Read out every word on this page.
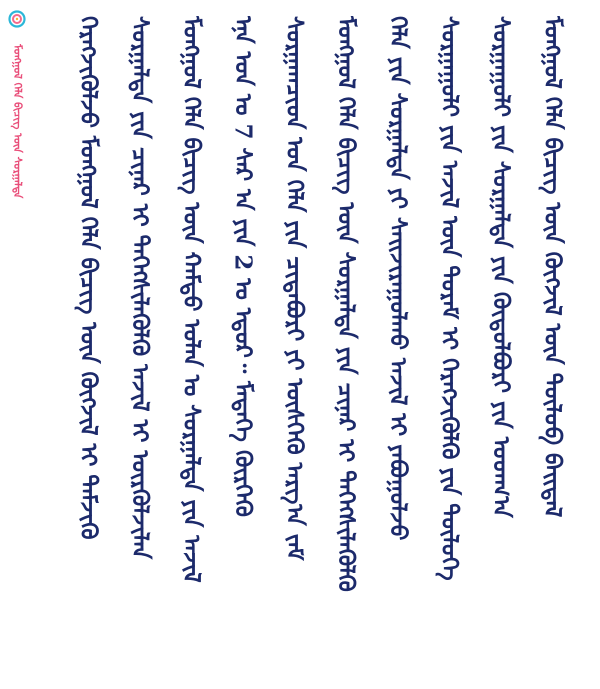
ᠮᠣᠩᠭᠣᠯ ᠬᠡᠯᠡ ᠪᠢᠴᠢᠭ ᠦᠨ ᠰᠤᠷᠭᠠᠯᠲᠠ ᠬᠡᠷᠡᠭᠵᠢᠭᠦᠯᠵᠦ ᠮᠣᠩᠭᠣᠯ ᠬᠡᠯᠡ ᠪᠢᠴᠢᠭ ᠦᠨ ᠬᠥᠭᠵᠢᠯ ᠢ ᠳᠡᠮᠵᠢᠬᠦ ᠰᠤᠷᠭᠠᠯᠲᠠ ᠶᠢᠨ ᠴᠢᠨᠠᠷ ᠢ ᠳᠡᠭᠡᠭᠰᠢᠯᠡᠭᠦᠯᠬᠦ ᠠᠵᠢᠯ ᠢ ᠦᠷᠭᠦᠯᠵᠢᠯᠡᠨ ᠮᠣᠩᠭᠣᠯ ᠬᠡᠯᠡ ᠪᠢᠴᠢᠭ ᠦᠨ ᠬᠠᠮᠲᠤ ᠣᠯᠠᠨ ᠤ ᠰᠤᠷᠭᠠᠯᠲᠠ ᠶᠢᠨ ᠠᠵᠢᠯ ᠡᠨᠡ ᠣᠨ ᠤ 7 ᠰᠠᠷ ᠠ ᠶᠢᠨ 2 ᠤ ᠡᠳᠦᠷ᠃ ᠮᠡᠳᠡᠭᠡ ᠬᠦᠷᠭᠡᠬᠦ ᠰᠤᠷᠭᠠᠭᠴᠢᠳ ᠤᠨ ᠬᠡᠯᠡ ᠶᠢᠨ ᠴᠢᠳᠠᠪᠤᠷᠢ ᠶᠢ ᠥᠰᠬᠡᠬᠦ ᠠᠷᠭ᠎ᠠ ᠵᠠᠮ ᠮᠣᠩᠭᠣᠯ ᠬᠡᠯᠡ ᠪᠢᠴᠢᠭ ᠦᠨ ᠰᠤᠷᠭᠠᠯᠲᠠ ᠶᠢᠨ ᠴᠢᠨᠠᠷ ᠢ ᠳᠡᠭᠡᠭᠰᠢᠯᠡᠭᠦᠯᠬᠦ ᠬᠡᠯᠡ ᠶᠢᠨ ᠰᠤᠷᠭᠠᠯᠲᠠ ᠶᠢ ᠰᠠᠢᠵᠢᠷᠠᠭᠤᠯᠬᠤ ᠠᠵᠢᠯ ᠢ ᠶᠠᠪᠤᠭᠤᠯᠵᠤ ᠰᠤᠷᠭᠠᠭᠤᠯᠢ ᠶᠢᠨ ᠠᠵᠢᠯ ᠦᠨ ᠳᠤᠷᠠᠮ ᠢ ᠬᠡᠷᠡᠭᠵᠢᠭᠦᠯᠬᠦ ᠶᠢᠨ ᠲᠥᠯᠥᠭᠡ ᠰᠤᠷᠭᠠᠭᠤᠯᠢ ᠶᠢᠨ ᠰᠤᠷᠭᠠᠯᠲᠠ ᠶᠢᠨ ᠬᠥᠲᠥᠯᠪᠦᠷᠢ ᠶᠢᠨ ᠤᠳᠬ᠎ᠠ ᠮᠣᠩᠭᠣᠯ ᠬᠡᠯᠡ ᠪᠢᠴᠢᠭ ᠦᠨ ᠬᠥᠭᠵᠢᠯ ᠦᠨ ᠲᠥᠯᠥᠪ ᠪᠠᠢᠳᠠᠯ
